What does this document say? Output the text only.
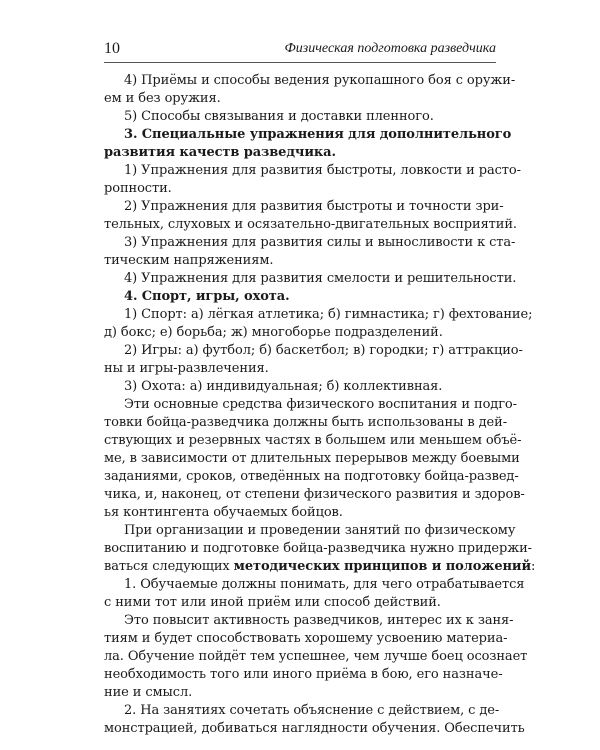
10	Физическая подготовка разведчика
4) Приёмы и способы ведения рукопашного боя с оружи-
ем и без оружия.
5) Способы связывания и доставки пленного.
3. Специальные упражнения для дополнительного
развития качеств разведчика.
1) Упражнения для развития быстроты, ловкости и расто-
ропности.
2) Упражнения для развития быстроты и точности зри-
тельных, слуховых и осязательно-двигательных восприятий.
3) Упражнения для развития силы и выносливости к ста-
тическим напряжениям.
4) Упражнения для развития смелости и решительности.
4. Спорт, игры, охота.
1) Спорт: а) лёгкая атлетика; б) гимнастика; г) фехтование;
д) бокс; е) борьба; ж) многоборье подразделений.
2) Игры: а) футбол; б) баскетбол; в) городки; г) аттракцио-
ны и игры-развлечения.
3) Охота: а) индивидуальная; б) коллективная.
Эти основные средства физического воспитания и подго-
товки бойца-разведчика должны быть использованы в дей-
ствующих и резервных частях в большем или меньшем объё-
ме, в зависимости от длительных перерывов между боевыми
заданиями, сроков, отведённых на подготовку бойца-развед-
чика, и, наконец, от степени физического развития и здоров-
ья контингента обучаемых бойцов.
При организации и проведении занятий по физическому
воспитанию и подготовке бойца-разведчика нужно придержи-
ваться следующих методических принципов и положений:
1. Обучаемые должны понимать, для чего отрабатывается
с ними тот или иной приём или способ действий.
Это повысит активность разведчиков, интерес их к заня-
тиям и будет способствовать хорошему усвоению материа-
ла. Обучение пойдёт тем успешнее, чем лучше боец осознает
необходимость того или иного приёма в бою, его назначе-
ние и смысл.
2. На занятиях сочетать объяснение с действием, с де-
монстрацией, добиваться наглядности обучения. Обеспечить
